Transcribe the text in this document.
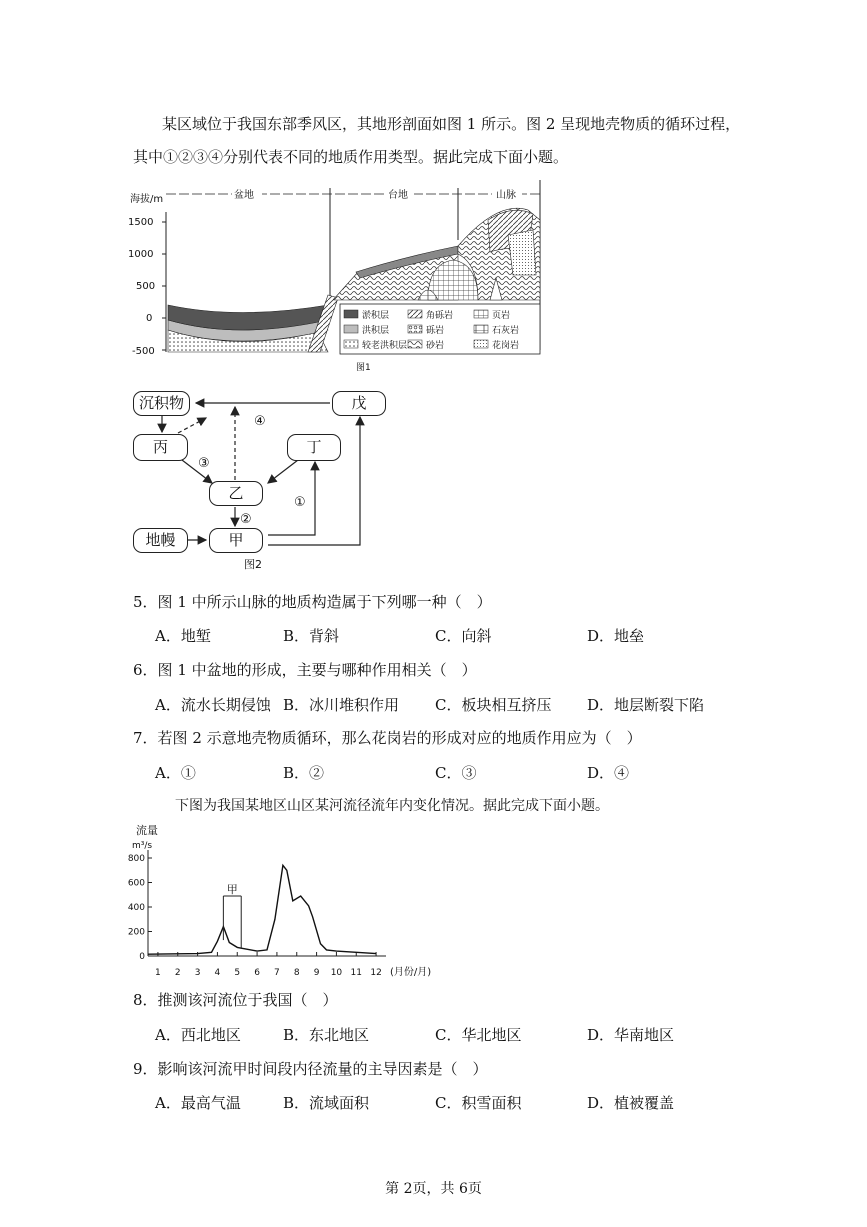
某区域位于我国东部季风区，其地形剖面如图 1 所示。图 2 呈现地壳物质的循环过程，
其中①②③④分别代表不同的地质作用类型。据此完成下面小题。
海拔/m
1500
1000
500
0
-500
盆地	台地	山脉
淤积层	角砾岩	页岩
洪积层	砾岩	石灰岩
较老洪积层 砂岩	花岗岩
图1
④
③
②
①
图2
沉积物	戊
丙	丁
乙
地幔	甲
5．图 1 中所示山脉的地质构造属于下列哪一种（　）
A．地堑	B．背斜	C．向斜	D．地垒
6．图 1 中盆地的形成，主要与哪种作用相关（　）
A．流水长期侵蚀 B．冰川堆积作用 C．板块相互挤压 D．地层断裂下陷
7．若图 2 示意地壳物质循环，那么花岗岩的形成对应的地质作用应为（　）
A．①	B．②	C．③	D．④
下图为我国某地区山区某河流径流年内变化情况。据此完成下面小题。
流量
m³/s
(月份/月)
800
600
400
200
0
1 2 3 4 5 6 7 8 9 10 11 12
甲
8．推测该河流位于我国（　）
A．西北地区	B．东北地区	C．华北地区	D．华南地区
9．影响该河流甲时间段内径流量的主导因素是（　）
A．最高气温	B．流域面积	C．积雪面积	D．植被覆盖
第 2页，共 6页
